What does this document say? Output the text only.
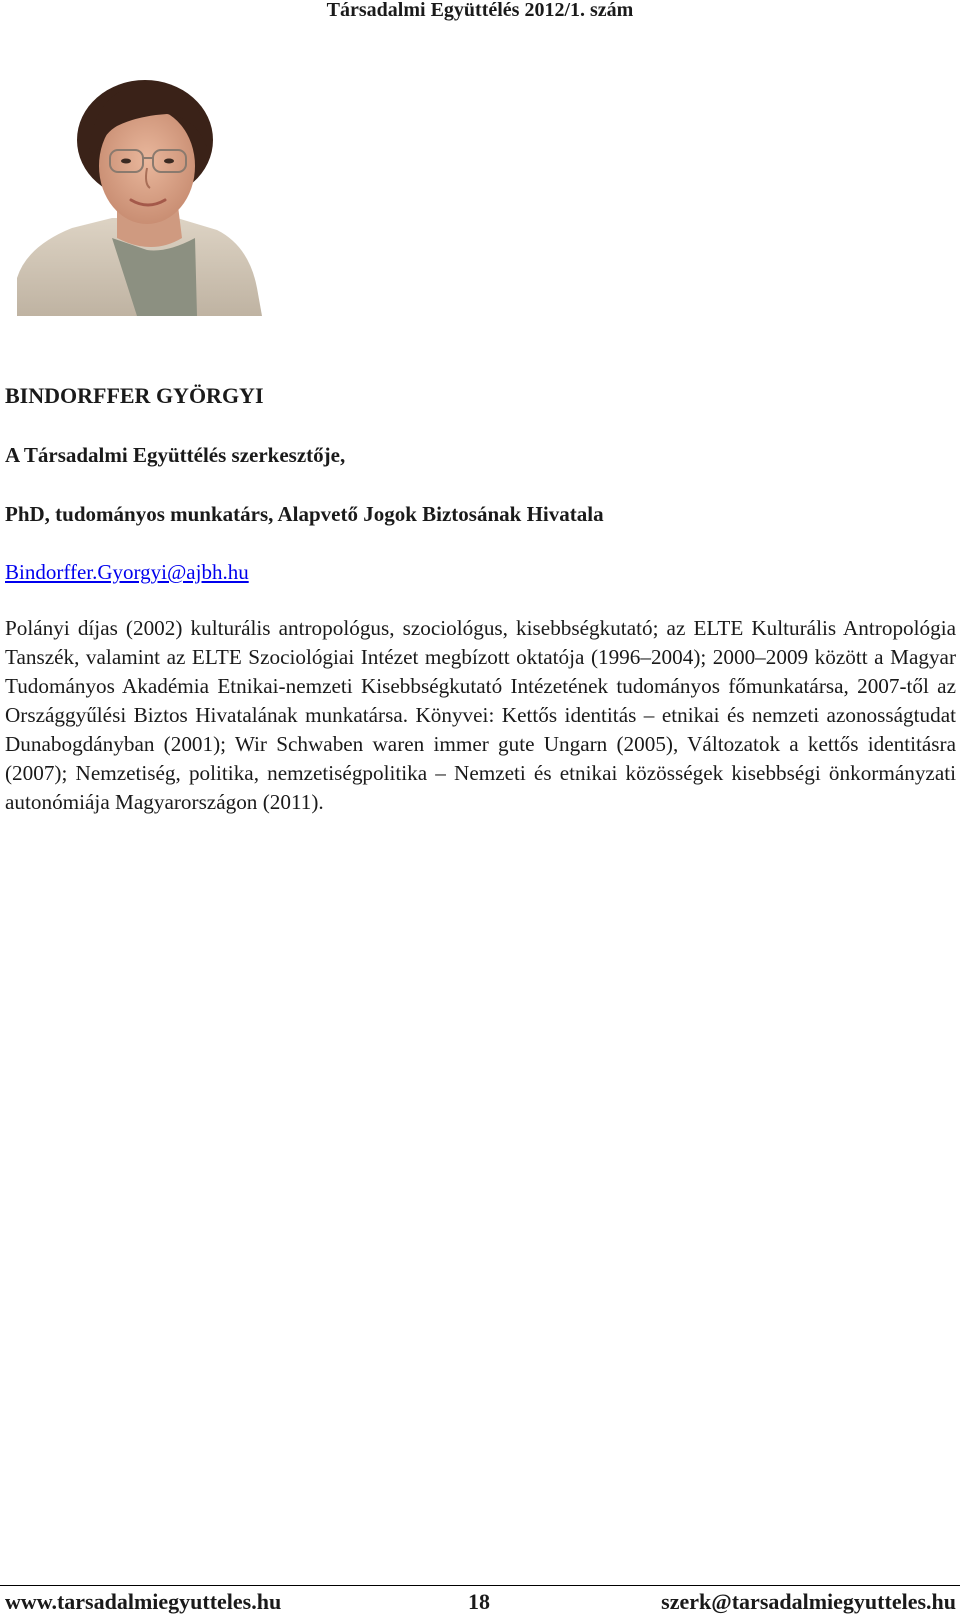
Társadalmi Együttélés 2012/1. szám

BINDORFFER GYÖRGYI

A Társadalmi Együttélés szerkesztője,

PhD, tudományos munkatárs, Alapvető Jogok Biztosának Hivatala

Bindorffer.Gyorgyi@ajbh.hu

Polányi díjas (2002) kulturális antropológus, szociológus, kisebbségkutató; az ELTE Kulturális Antropológia Tanszék, valamint az ELTE Szociológiai Intézet megbízott oktatója (1996–2004); 2000–2009 között a Magyar Tudományos Akadémia Etnikai-nemzeti Kisebbségkutató Intézetének tudományos főmunkatársa, 2007-től az Országgyűlési Biztos Hivatalának munkatársa. Könyvei: Kettős identitás – etnikai és nemzeti azonosságtudat Dunabogdányban (2001); Wir Schwaben waren immer gute Ungarn (2005), Változatok a kettős identitásra (2007); Nemzetiség, politika, nemzetiségpolitika – Nemzeti és etnikai közösségek kisebbségi önkormányzati autonómiája Magyarországon (2011).

www.tarsadalmiegyutteles.hu	18	szerk@tarsadalmiegyutteles.hu
